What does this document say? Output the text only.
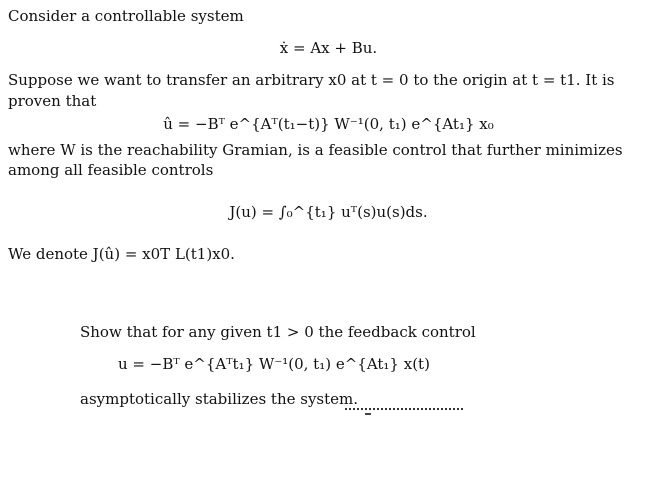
Consider a controllable system
ẋ = Ax + Bu.
Suppose we want to transfer an arbitrary x0 at t = 0 to the origin at t = t1. It is
proven that
û = −Bᵀ e^{Aᵀ(t₁−t)} W⁻¹(0, t₁) e^{At₁} x₀
where W is the reachability Gramian, is a feasible control that further minimizes
among all feasible controls
J(u) = ∫₀^{t₁} uᵀ(s)u(s)ds.
We denote J(û) = x0T L(t1)x0.
Show that for any given t1 > 0 the feedback control
u = −Bᵀ e^{Aᵀt₁} W⁻¹(0, t₁) e^{At₁} x(t)
asymptotically stabilizes the system.
